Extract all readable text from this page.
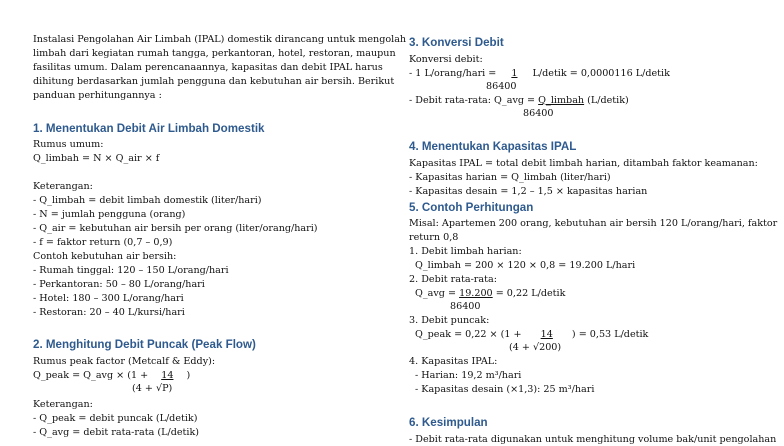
Instalasi Pengolahan Air Limbah (IPAL) domestik dirancang untuk mengolah
limbah dari kegiatan rumah tangga, perkantoran, hotel, restoran, maupun
fasilitas umum. Dalam perencanaannya, kapasitas dan debit IPAL harus
dihitung berdasarkan jumlah pengguna dan kebutuhan air bersih. Berikut
panduan perhitungannya :
1. Menentukan Debit Air Limbah Domestik
Rumus umum:
Q_limbah = N × Q_air × f
Keterangan:
- Q_limbah = debit limbah domestik (liter/hari)
- N = jumlah pengguna (orang)
- Q_air = kebutuhan air bersih per orang (liter/orang/hari)
- f = faktor return (0,7 – 0,9)
Contoh kebutuhan air bersih:
- Rumah tinggal: 120 – 150 L/orang/hari
- Perkantoran: 50 – 80 L/orang/hari
- Hotel: 180 – 300 L/orang/hari
- Restoran: 20 – 40 L/kursi/hari
2. Menghitung Debit Puncak (Peak Flow)
Rumus peak factor (Metcalf & Eddy):
Q_peak = Q_avg × (1 + 14 )
(4 + √P)
Keterangan:
- Q_peak = debit puncak (L/detik)
- Q_avg = debit rata-rata (L/detik)
3. Konversi Debit
Konversi debit:
- 1 L/orang/hari = 1 L/detik = 0,0000116 L/detik
86400
- Debit rata-rata: Q_avg = Q_limbah (L/detik)
86400
4. Menentukan Kapasitas IPAL
Kapasitas IPAL = total debit limbah harian, ditambah faktor keamanan:
- Kapasitas harian = Q_limbah (liter/hari)
- Kapasitas desain = 1,2 – 1,5 × kapasitas harian
5. Contoh Perhitungan
Misal: Apartemen 200 orang, kebutuhan air bersih 120 L/orang/hari, faktor
return 0,8
1. Debit limbah harian:
Q_limbah = 200 × 120 × 0,8 = 19.200 L/hari
2. Debit rata-rata:
Q_avg = 19.200 = 0,22 L/detik
86400
3. Debit puncak:
Q_peak = 0,22 × (1 + 14 ) = 0,53 L/detik
(4 + √200)
4. Kapasitas IPAL:
- Harian: 19,2 m³/hari
- Kapasitas desain (×1,3): 25 m³/hari
6. Kesimpulan
- Debit rata-rata digunakan untuk menghitung volume bak/unit pengolahan
